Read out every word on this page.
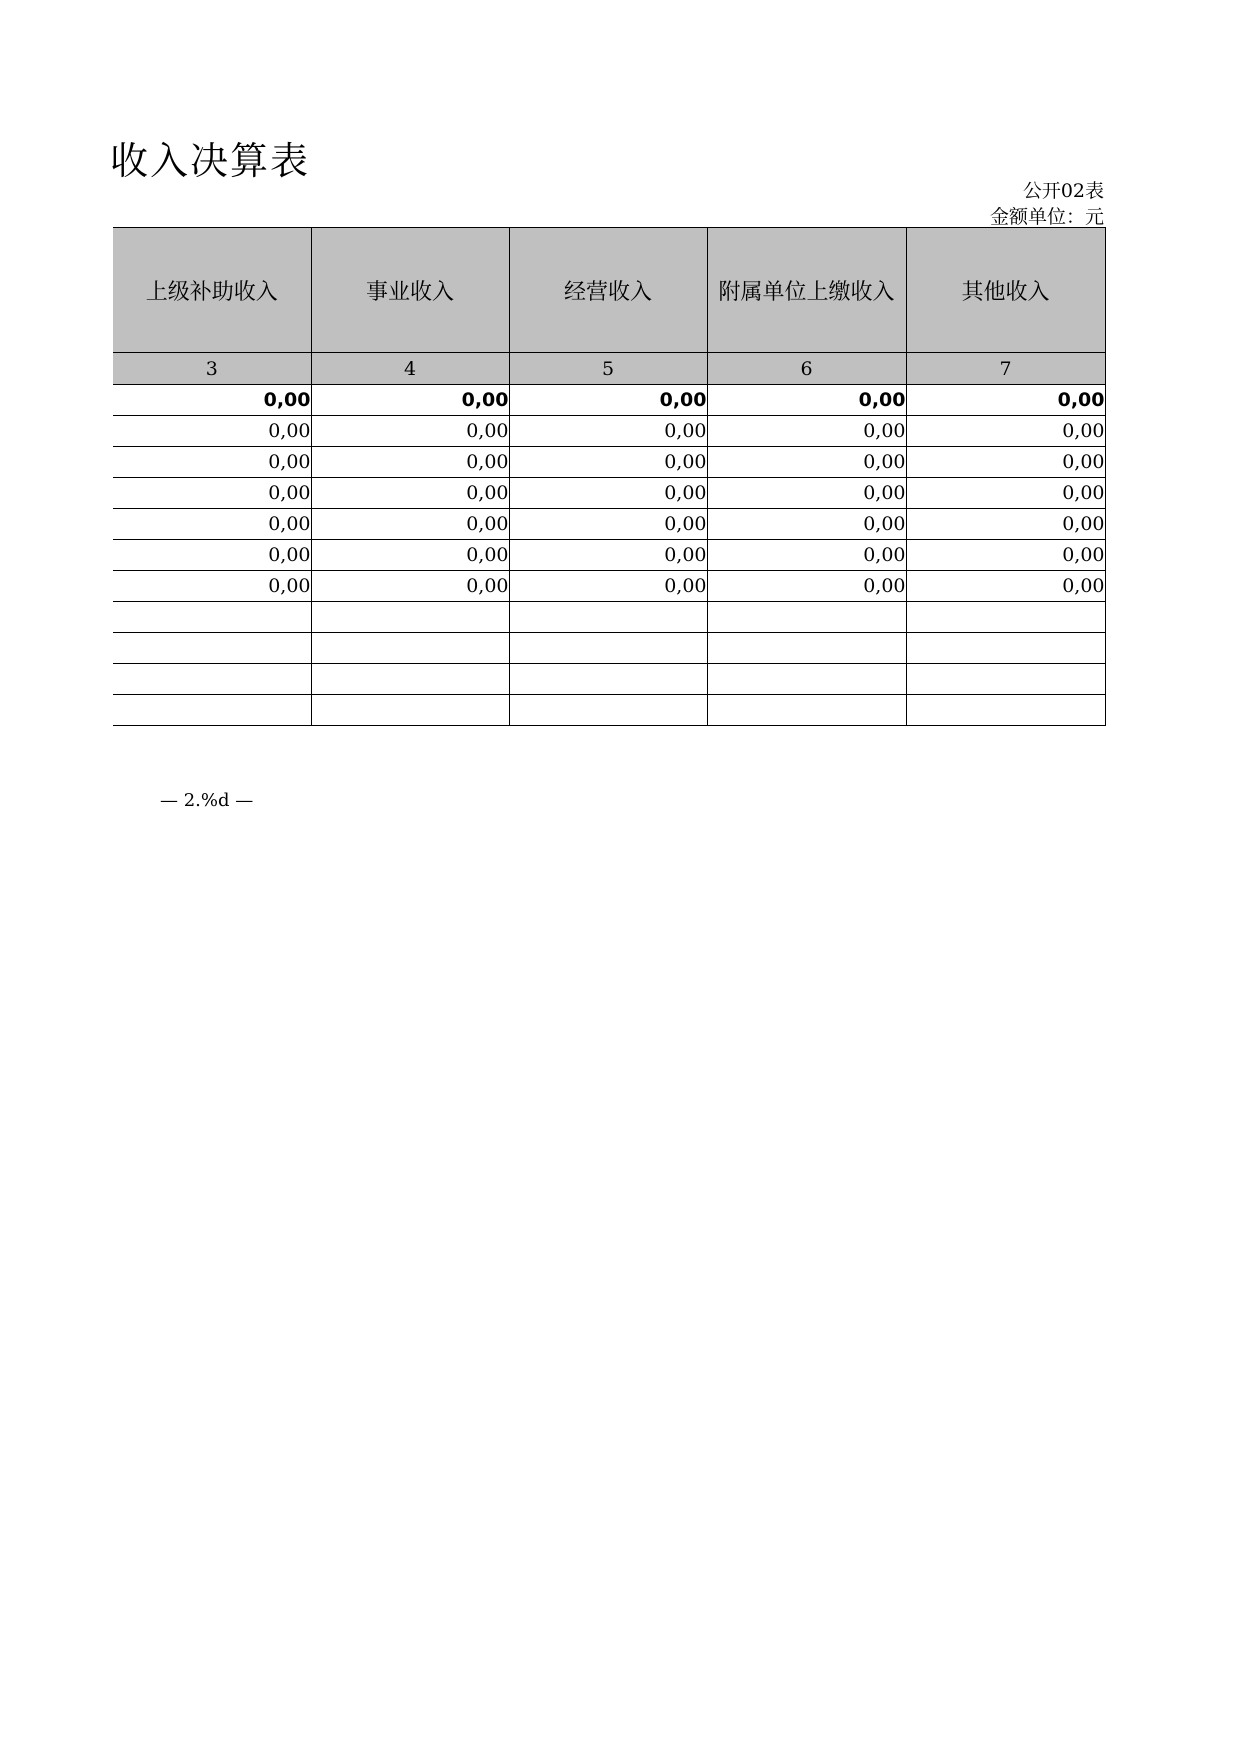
收入决算表
公开02表
金额单位：元
上级补助收入	事业收入	经营收入	附属单位上缴收入	其他收入
3	4	5	6	7
0,00	0,00	0,00	0,00	0,00
0,00	0,00	0,00	0,00	0,00
0,00	0,00	0,00	0,00	0,00
0,00	0,00	0,00	0,00	0,00
0,00	0,00	0,00	0,00	0,00
0,00	0,00	0,00	0,00	0,00
0,00	0,00	0,00	0,00	0,00

— 2.%d —
